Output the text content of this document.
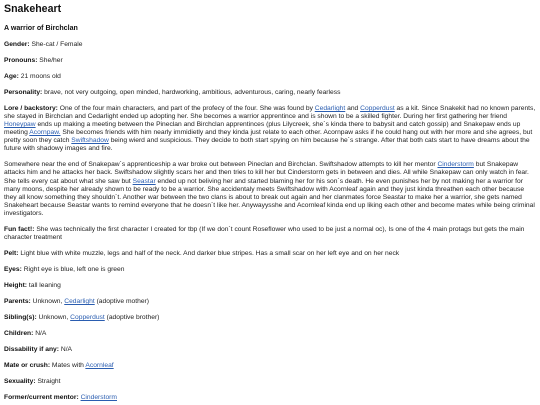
Snakeheart
A warrior of Birchclan

Gender: She-cat / Female

Pronouns: She/her

Age: 21 moons old

Personality: brave, not very outgoing, open minded, hardworking, ambitious, adventurous, caring, nearly fearless

Lore / backstory: One of the four main characters, and part of the profecy of the four. She was found by Cedarlight and Copperdust as a kit. Since Snakekit had no known parents, she stayed in Birchclan and Cedarlight ended up adopting her. She becomes a warrior apprentince and is shown to be a skilled fighter. During her first gathering her friend Honeypaw ends up making a meeting between the Pineclan and Birchclan apprentinces (plus Lilycreek, she´s kinda there to babysit and catch gossip) and Snakepaw ends up meeting Acornpaw. She becomes friends with him nearly immidietly and they kinda just relate to each other. Acornpaw asks if he could hang out with her more and she agrees, but pretty soon they catch Swiftshadow being wierd and suspicious. They decide to both start spying on him because he´s strange. After that both cats start to have dreams about the future with shadowy images and fire.

Somewhere near the end of Snakepaw´s apprenticeship a war broke out between Pineclan and Birchclan. Swiftshadow attempts to kill her mentor Cinderstorm but Snakepaw attacks him and he attacks her back. Swiftshadow slightly scars her and then tries to kill her but Cinderstorm gets in between and dies. All while Snakepaw can only watch in fear. She tells every cat about what she saw but Seastar ended up not beliving her and started blaming her for his son´s death. He even punishes her by not making her a warrior for many moons, despite her already shown to be ready to be a warrior. She accidentaly meets Swiftshadow with Acornleaf again and they just kinda threathen each other because they all know something they shouldn´t. Another war between the two clans is about to break out again and her clanmates force Seastar to make her a warrior, she gets named Snakeheart because Seastar wants to remind everyone that he doesn´t like her. Anywayysshe and Acornleaf kinda end up liking each other and become mates while being criminal investigators.

Fun fact!: She was technically the first character I created for tbp (If we don´t count Roseflower who used to be just a normal oc), Is one of the 4 main protags but gets the main character treatment

Pelt: Light blue with white muzzle, legs and half of the neck. And darker blue stripes. Has a small scar on her left eye and on her neck

Eyes: Right eye is blue, left one is green

Height: tall leaning

Parents: Unknown, Cedarlight (adoptive mother)

Sibling(s): Unknown, Copperdust (adoptive brother)

Children: N/A

Dissability if any: N/A

Mate or crush: Mates with Acornleaf

Sexuality: Straight

Former/current mentor: Cinderstorm
